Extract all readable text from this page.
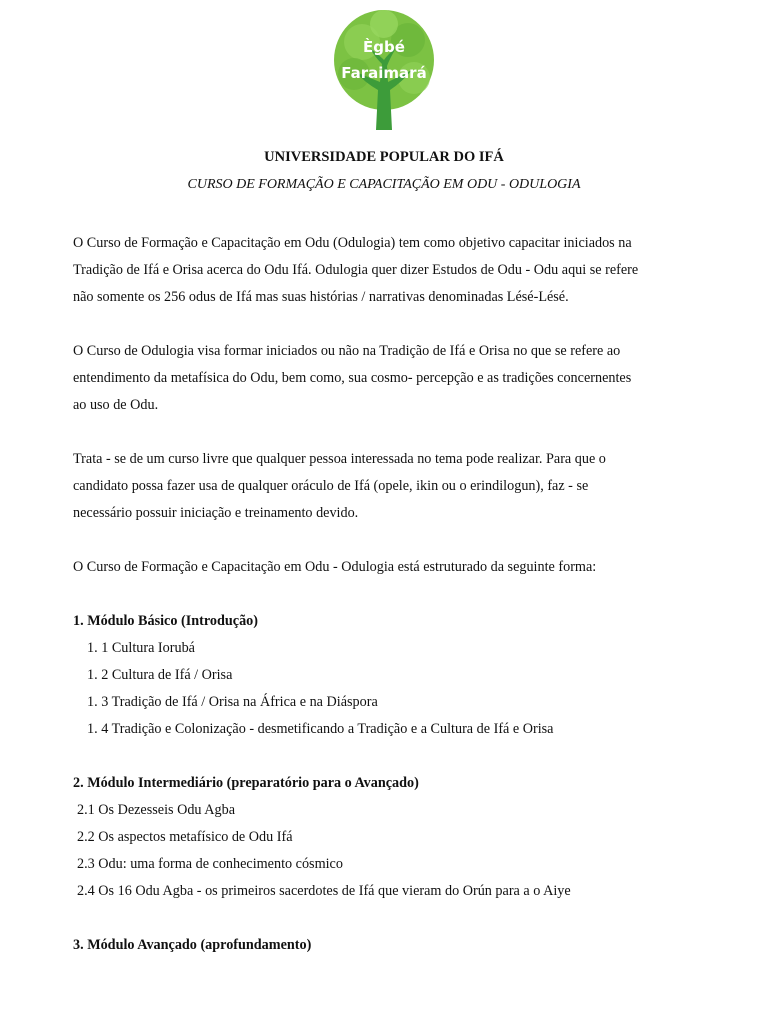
Ègbé
Faraimará
UNIVERSIDADE POPULAR DO IFÁ

CURSO DE FORMAÇÃO E CAPACITAÇÃO EM ODU - ODULOGIA

O Curso de Formação e Capacitação em Odu (Odulogia) tem como objetivo capacitar iniciados na
Tradição de Ifá e Orisa acerca do Odu Ifá. Odulogia quer dizer Estudos de Odu - Odu aqui se refere
não somente os 256 odus de Ifá mas suas histórias / narrativas denominadas Lésé-Lésé.
O Curso de Odulogia visa formar iniciados ou não na Tradição de Ifá e Orisa no que se refere ao
entendimento da metafísica do Odu, bem como, sua cosmo- percepção e as tradições concernentes
ao uso de Odu.
Trata - se de um curso livre que qualquer pessoa interessada no tema pode realizar. Para que o
candidato possa fazer usa de qualquer oráculo de Ifá (opele, ikin ou o erindilogun), faz - se
necessário possuir iniciação e treinamento devido.
O Curso de Formação e Capacitação em Odu - Odulogia está estruturado da seguinte forma:
1. Módulo Básico (Introdução)
1. 1 Cultura Iorubá
1. 2 Cultura de Ifá / Orisa
1. 3 Tradição de Ifá / Orisa na África e na Diáspora
1. 4 Tradição e Colonização - desmetificando a Tradição e a Cultura de Ifá e Orisa
2. Módulo Intermediário (preparatório para o Avançado)
2.1 Os Dezesseis Odu Agba
2.2 Os aspectos metafísico de Odu Ifá
2.3 Odu: uma forma de conhecimento cósmico
2.4 Os 16 Odu Agba - os primeiros sacerdotes de Ifá que vieram do Orún para a o Aiye
3. Módulo Avançado (aprofundamento)
